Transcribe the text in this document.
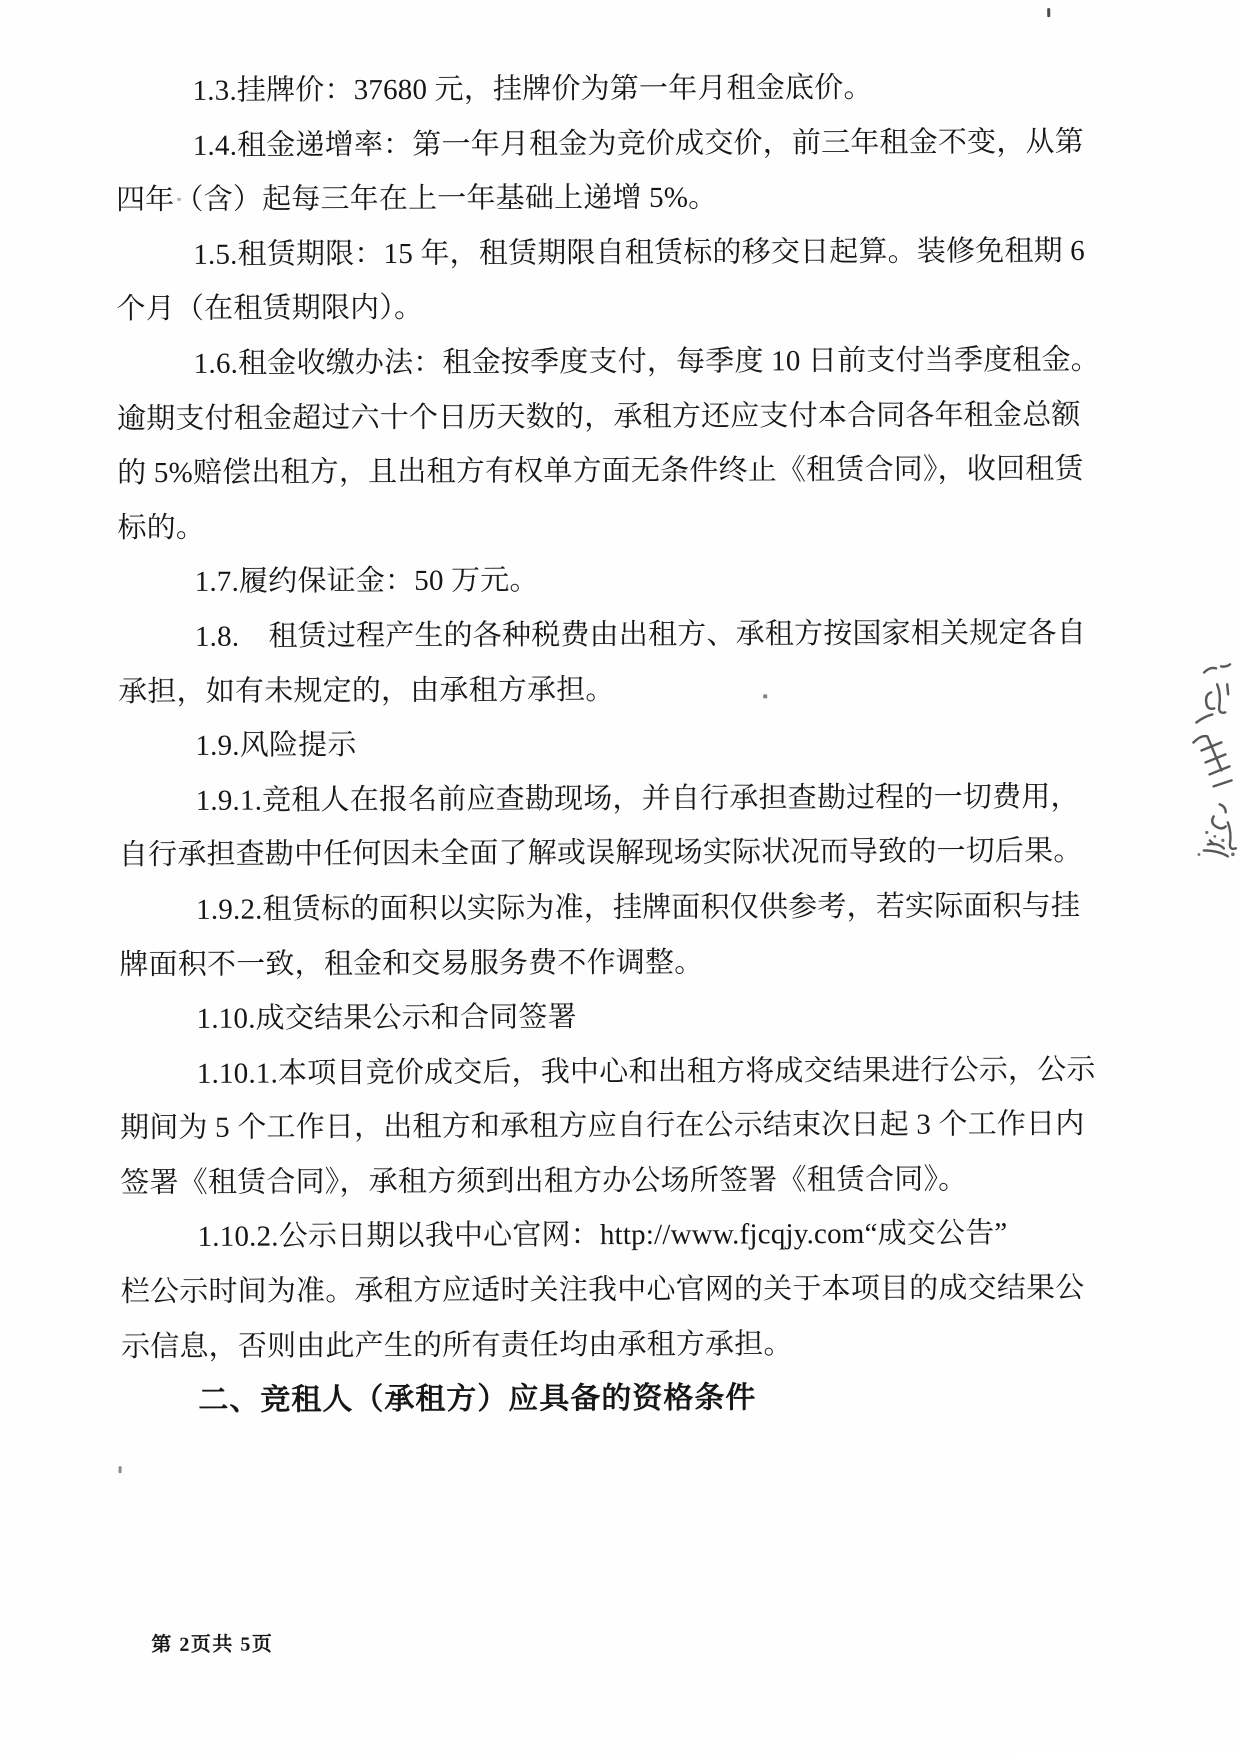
1.3.挂牌价：37680 元，挂牌价为第一年月租金底价。
1.4.租金递增率：第一年月租金为竞价成交价，前三年租金不变，从第
四年（含）起每三年在上一年基础上递增 5%。
1.5.租赁期限：15 年，租赁期限自租赁标的移交日起算。装修免租期 6
个月（在租赁期限内）。
1.6.租金收缴办法：租金按季度支付，每季度 10 日前支付当季度租金。
逾期支付租金超过六十个日历天数的，承租方还应支付本合同各年租金总额
的 5%赔偿出租方，且出租方有权单方面无条件终止《租赁合同》，收回租赁
标的。
1.7.履约保证金：50 万元。
1.8.　租赁过程产生的各种税费由出租方、承租方按国家相关规定各自
承担，如有未规定的，由承租方承担。
1.9.风险提示
1.9.1.竞租人在报名前应查勘现场，并自行承担查勘过程的一切费用，
自行承担查勘中任何因未全面了解或误解现场实际状况而导致的一切后果。
1.9.2.租赁标的面积以实际为准，挂牌面积仅供参考，若实际面积与挂
牌面积不一致，租金和交易服务费不作调整。
1.10.成交结果公示和合同签署
1.10.1.本项目竞价成交后，我中心和出租方将成交结果进行公示，公示
期间为 5 个工作日，出租方和承租方应自行在公示结束次日起 3 个工作日内
签署《租赁合同》，承租方须到出租方办公场所签署《租赁合同》。
1.10.2.公示日期以我中心官网：http://www.fjcqjy.com“成交公告”
栏公示时间为准。承租方应适时关注我中心官网的关于本项目的成交结果公
示信息，否则由此产生的所有责任均由承租方承担。
二、竞租人（承租方）应具备的资格条件
第 2页共 5页
